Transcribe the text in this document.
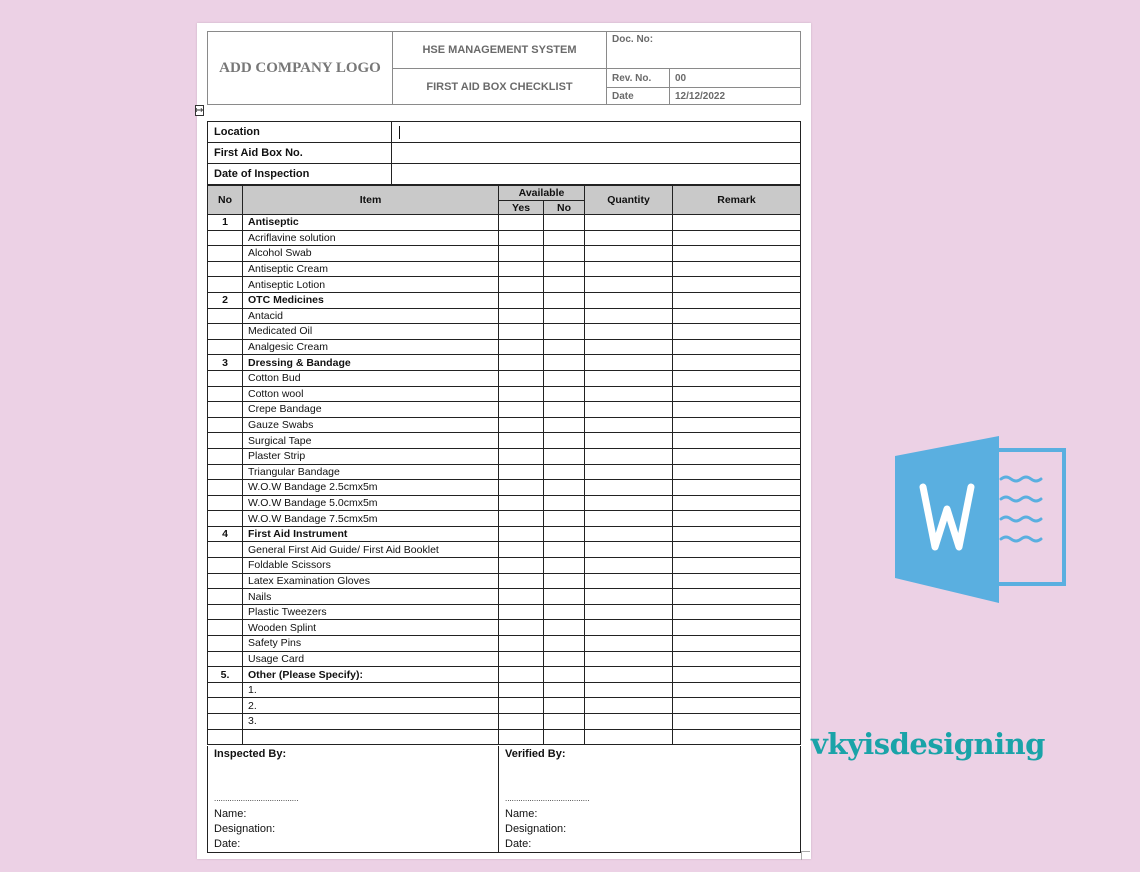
↦
ADD COMPANY LOGO
HSE MANAGEMENT SYSTEM
FIRST AID BOX CHECKLIST
Doc. No:
Rev. No.	00
Date	12/12/2022
Location	
First Aid Box No.	
Date of Inspection	
No	Item	Available		Quantity	Remark
		Yes	No		
1	Antiseptic				
	Acriflavine solution				
	Alcohol Swab				
	Antiseptic Cream				
	Antiseptic Lotion				
2	OTC Medicines				
	Antacid				
	Medicated Oil				
	Analgesic Cream				
3	Dressing & Bandage				
	Cotton Bud				
	Cotton wool				
	Crepe Bandage				
	Gauze Swabs				
	Surgical Tape				
	Plaster Strip				
	Triangular Bandage				
	W.O.W Bandage 2.5cmx5m				
	W.O.W Bandage 5.0cmx5m				
	W.O.W Bandage 7.5cmx5m				
4	First Aid Instrument				
	General First Aid Guide/ First Aid Booklet				
	Foldable Scissors				
	Latex Examination Gloves				
	Nails				
	Plastic Tweezers				
	Wooden Splint				
	Safety Pins				
	Usage Card				
5.	Other (Please Specify):				
	1.				
	2.				
	3.				

Inspected By:
......................................
Name:
Designation:
Date:
Verified By:
......................................
Name:
Designation:
Date:
vkyisdesigning
